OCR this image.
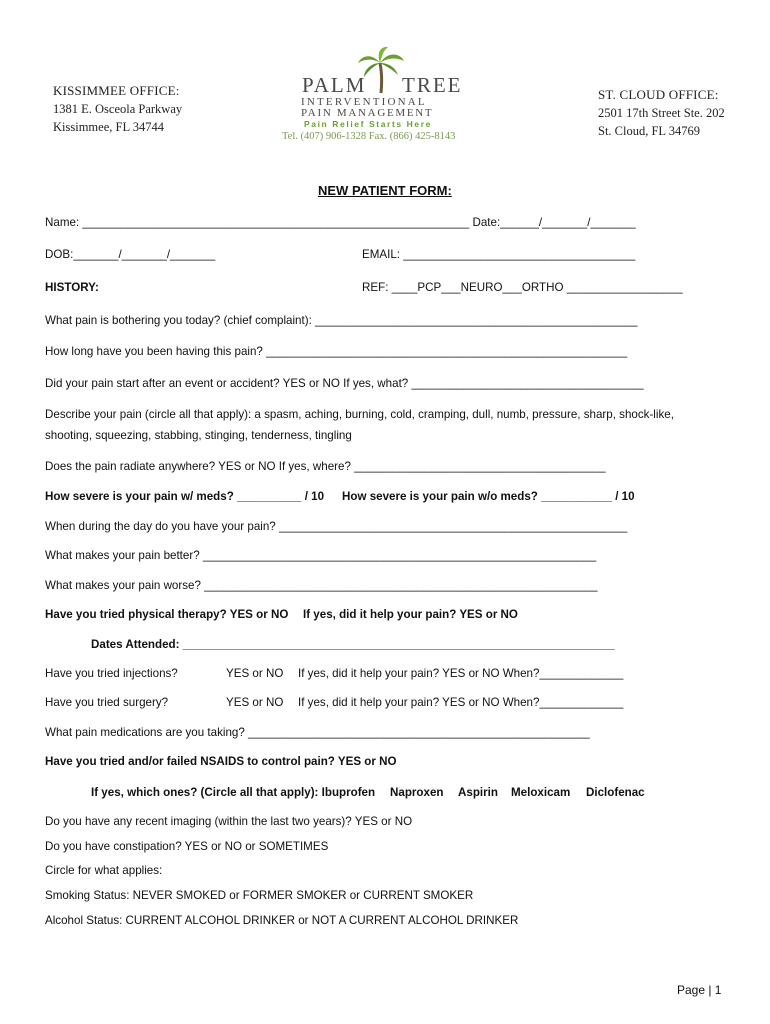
KISSIMMEE OFFICE:
1381 E. Osceola Parkway
Kissimmee, FL 34744
PALM TREE
INTERVENTIONAL
PAIN MANAGEMENT
Pain Relief Starts Here
Tel. (407) 906-1328 Fax. (866) 425-8143
ST. CLOUD OFFICE:
2501 17th Street Ste. 202
St. Cloud, FL 34769
NEW PATIENT FORM:
Name: ____________________________________________________________ Date:______/_______/_______
DOB:_______/_______/_______	EMAIL: ____________________________________
HISTORY:	REF: ____PCP___NEURO___ORTHO __________________
What pain is bothering you today? (chief complaint): __________________________________________________
How long have you been having this pain? ________________________________________________________
Did your pain start after an event or accident? YES or NO If yes, what? ____________________________________
Describe your pain (circle all that apply): a spasm, aching, burning, cold, cramping, dull, numb, pressure, sharp, shock-like,
shooting, squeezing, stabbing, stinging, tenderness, tingling
Does the pain radiate anywhere? YES or NO If yes, where? _______________________________________
How severe is your pain w/ meds? __________ / 10 How severe is your pain w/o meds? ___________ / 10
When during the day do you have your pain? ______________________________________________________
What makes your pain better? _____________________________________________________________
What makes your pain worse? _____________________________________________________________
Have you tried physical therapy? YES or NO If yes, did it help your pain? YES or NO
Dates Attended: ___________________________________________________________________
Have you tried injections?	YES or NO If yes, did it help your pain? YES or NO When?_____________
Have you tried surgery?	YES or NO If yes, did it help your pain? YES or NO When?_____________
What pain medications are you taking? _____________________________________________________
Have you tried and/or failed NSAIDS to control pain? YES or NO
If yes, which ones? (Circle all that apply): Ibuprofen Naproxen Aspirin Meloxicam Diclofenac
Do you have any recent imaging (within the last two years)? YES or NO
Do you have constipation? YES or NO or SOMETIMES
Circle for what applies:
Smoking Status: NEVER SMOKED or FORMER SMOKER or CURRENT SMOKER
Alcohol Status: CURRENT ALCOHOL DRINKER or NOT A CURRENT ALCOHOL DRINKER
Page | 1
